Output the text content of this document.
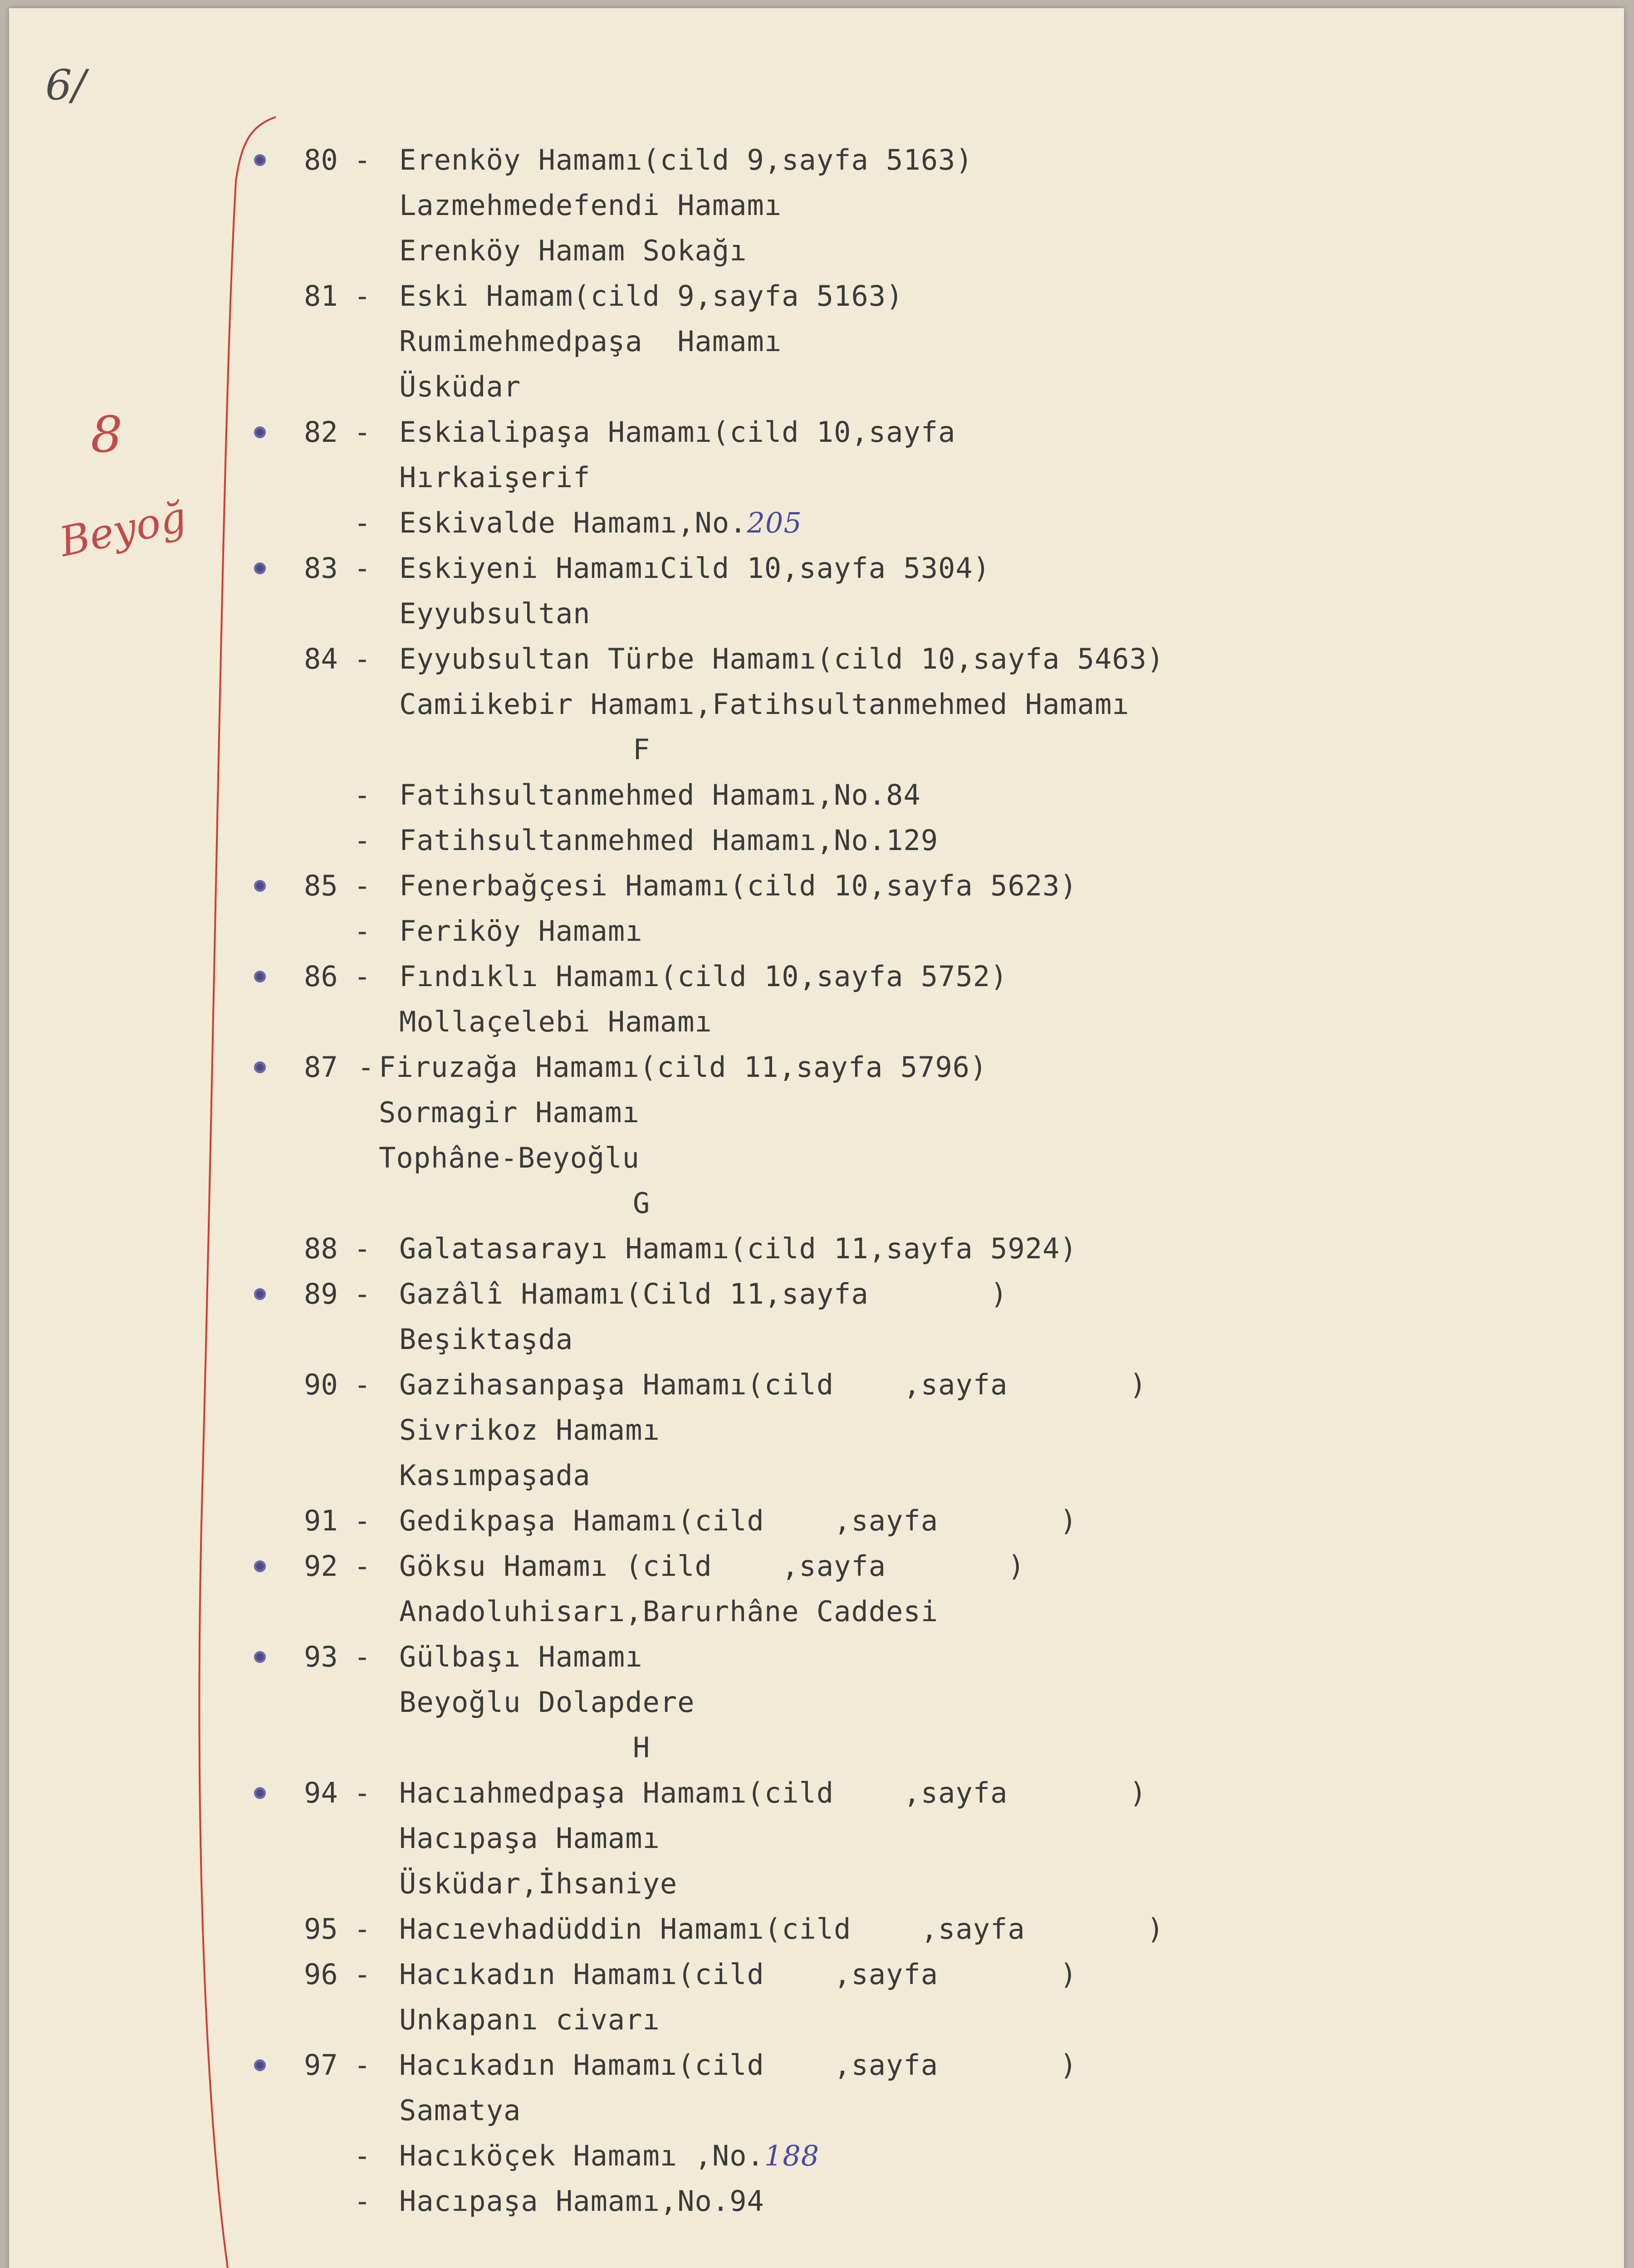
6/
8
Beyoğ
80 - Erenköy Hamamı(cild 9,sayfa 5163)
Lazmehmedefendi Hamamı
Erenköy Hamam Sokağı
81 - Eski Hamam(cild 9,sayfa 5163)
Rumimehmedpaşa  Hamamı
Üsküdar
82 - Eskialipaşa Hamamı(cild 10,sayfa
Hırkaişerif
- Eskivalde Hamamı,No.205
83 - Eskiyeni HamamıCild 10,sayfa 5304)
Eyyubsultan
84 - Eyyubsultan Türbe Hamamı(cild 10,sayfa 5463)
Camiikebir Hamamı,Fatihsultanmehmed Hamamı
F
- Fatihsultanmehmed Hamamı,No.84
- Fatihsultanmehmed Hamamı,No.129
85 - Fenerbağçesi Hamamı(cild 10,sayfa 5623)
- Feriköy Hamamı
86 - Fındıklı Hamamı(cild 10,sayfa 5752)
Mollaçelebi Hamamı
87 - Firuzağa Hamamı(cild 11,sayfa 5796)
Sormagir Hamamı
Tophâne-Beyoğlu
G
88 - Galatasarayı Hamamı(cild 11,sayfa 5924)
89 - Gazâlî Hamamı(Cild 11,sayfa       )
Beşiktaşda
90 - Gazihasanpaşa Hamamı(cild    ,sayfa       )
Sivrikoz Hamamı
Kasımpaşada
91 - Gedikpaşa Hamamı(cild    ,sayfa       )
92 - Göksu Hamamı (cild    ,sayfa       )
Anadoluhisarı,Barurhâne Caddesi
93 - Gülbaşı Hamamı
Beyoğlu Dolapdere
H
94 - Hacıahmedpaşa Hamamı(cild    ,sayfa       )
Hacıpaşa Hamamı
Üsküdar,İhsaniye
95 - Hacıevhadüddin Hamamı(cild    ,sayfa       )
96 - Hacıkadın Hamamı(cild    ,sayfa       )
Unkapanı civarı
97 - Hacıkadın Hamamı(cild    ,sayfa       )
Samatya
- Hacıköçek Hamamı ,No.188
- Hacıpaşa Hamamı,No.94
